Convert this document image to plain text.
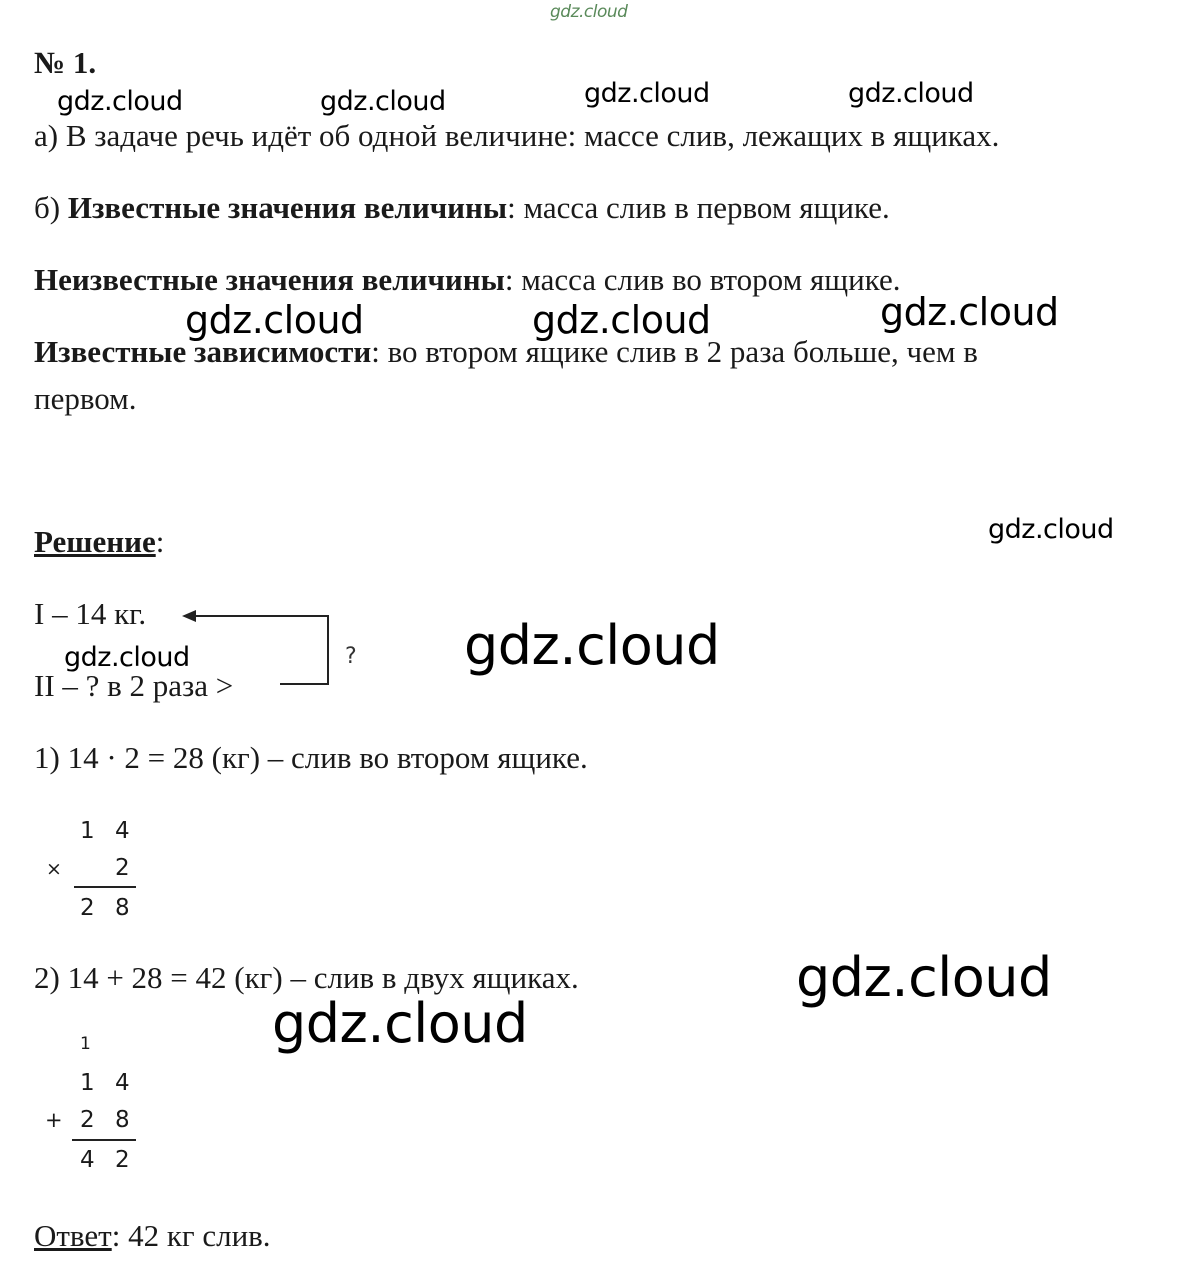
gdz.cloud
gdz.cloud	gdz.cloud	gdz.cloud	gdz.cloud
gdz.cloud	gdz.cloud	gdz.cloud
gdz.cloud
gdz.cloud
gdz.cloud
gdz.cloud
gdz.cloud
№ 1.
а) В задаче речь идёт об одной величине: массе слив, лежащих в ящиках.
б) Известные значения величины: масса слив в первом ящике.
Неизвестные значения величины: масса слив во втором ящике.
Известные зависимости: во втором ящике слив в 2 раза больше, чем в
первом.
Решение:
I – 14 кг.
II – ? в 2 раза >
?
1) 14 · 2 = 28 (кг) – слив во втором ящике.
1 4
× 2
2 8
2) 14 + 28 = 42 (кг) – слив в двух ящиках.
1
1 4
+ 2 8
4 2
Ответ: 42 кг слив.
